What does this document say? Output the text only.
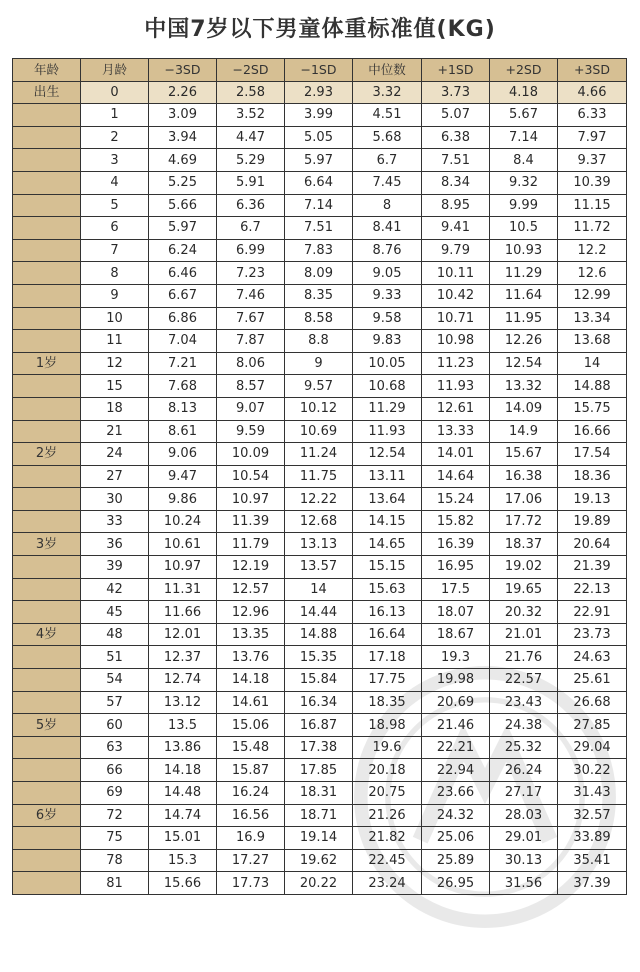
中国7岁以下男童体重标准值(KG)
年龄	月龄	−3SD	−2SD	−1SD	中位数	+1SD	+2SD	+3SD
出生	0	2.26	2.58	2.93	3.32	3.73	4.18	4.66
	1	3.09	3.52	3.99	4.51	5.07	5.67	6.33
	2	3.94	4.47	5.05	5.68	6.38	7.14	7.97
	3	4.69	5.29	5.97	6.7	7.51	8.4	9.37
	4	5.25	5.91	6.64	7.45	8.34	9.32	10.39
	5	5.66	6.36	7.14	8	8.95	9.99	11.15
	6	5.97	6.7	7.51	8.41	9.41	10.5	11.72
	7	6.24	6.99	7.83	8.76	9.79	10.93	12.2
	8	6.46	7.23	8.09	9.05	10.11	11.29	12.6
	9	6.67	7.46	8.35	9.33	10.42	11.64	12.99
	10	6.86	7.67	8.58	9.58	10.71	11.95	13.34
	11	7.04	7.87	8.8	9.83	10.98	12.26	13.68
1岁	12	7.21	8.06	9	10.05	11.23	12.54	14
	15	7.68	8.57	9.57	10.68	11.93	13.32	14.88
	18	8.13	9.07	10.12	11.29	12.61	14.09	15.75
	21	8.61	9.59	10.69	11.93	13.33	14.9	16.66
2岁	24	9.06	10.09	11.24	12.54	14.01	15.67	17.54
	27	9.47	10.54	11.75	13.11	14.64	16.38	18.36
	30	9.86	10.97	12.22	13.64	15.24	17.06	19.13
	33	10.24	11.39	12.68	14.15	15.82	17.72	19.89
3岁	36	10.61	11.79	13.13	14.65	16.39	18.37	20.64
	39	10.97	12.19	13.57	15.15	16.95	19.02	21.39
	42	11.31	12.57	14	15.63	17.5	19.65	22.13
	45	11.66	12.96	14.44	16.13	18.07	20.32	22.91
4岁	48	12.01	13.35	14.88	16.64	18.67	21.01	23.73
	51	12.37	13.76	15.35	17.18	19.3	21.76	24.63
	54	12.74	14.18	15.84	17.75	19.98	22.57	25.61
	57	13.12	14.61	16.34	18.35	20.69	23.43	26.68
5岁	60	13.5	15.06	16.87	18.98	21.46	24.38	27.85
	63	13.86	15.48	17.38	19.6	22.21	25.32	29.04
	66	14.18	15.87	17.85	20.18	22.94	26.24	30.22
	69	14.48	16.24	18.31	20.75	23.66	27.17	31.43
6岁	72	14.74	16.56	18.71	21.26	24.32	28.03	32.57
	75	15.01	16.9	19.14	21.82	25.06	29.01	33.89
	78	15.3	17.27	19.62	22.45	25.89	30.13	35.41
	81	15.66	17.73	20.22	23.24	26.95	31.56	37.39
